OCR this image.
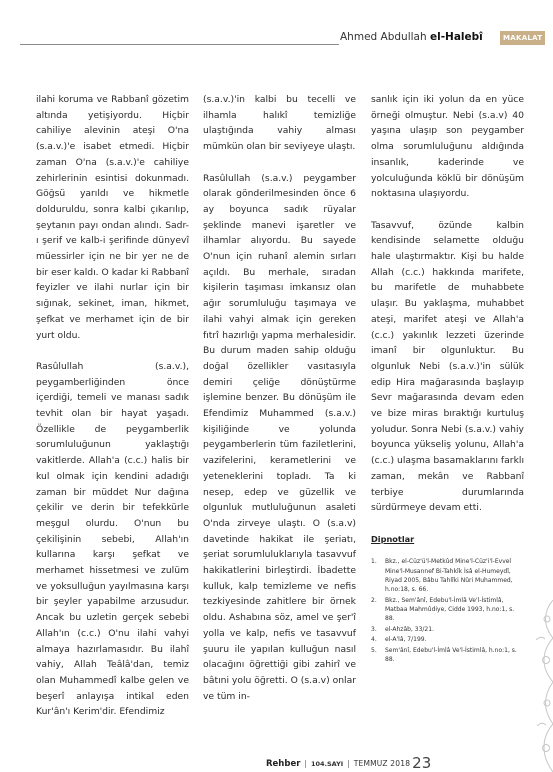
Ahmed Abdullah el-Halebî	MAKALAT

ilahi koruma ve Rabbanî gözetim altında yetişiyordu. Hiçbir cahiliye alevinin ateşi O'na (s.a.v.)'e isabet etmedi. Hiçbir zaman O'na (s.a.v.)'e cahiliye zehirlerinin esintisi dokunmadı. Göğsü yarıldı ve hikmetle dolduruldu, sonra kalbi çıkarılıp, şeytanın payı ondan alındı. Sadr-ı şerif ve kalb-i şerifinde dünyevî müessirler için ne bir yer ne de bir eser kaldı. O kadar ki Rabbanî feyizler ve ilahi nurlar için bir sığınak, sekinet, iman, hikmet, şefkat ve merhamet için de bir yurt oldu.

Rasûlullah (s.a.v.), peygamberliğinden önce içerdiği, temeli ve manası sadık tevhit olan bir hayat yaşadı. Özellikle de peygamberlik sorumluluğunun yaklaştığı vakitlerde. Allah'a (c.c.) halis bir kul olmak için kendini adadığı zaman bir müddet Nur dağına çekilir ve derin bir tefekkürle meşgul olurdu. O'nun bu çekilişinin sebebi, Allah'ın kullarına karşı şefkat ve merhamet hissetmesi ve zulüm ve yoksulluğun yayılmasına karşı bir şeyler yapabilme arzusudur. Ancak bu uzletin gerçek sebebi Allah'ın (c.c.) O'nu ilahi vahyi almaya hazırlamasıdır. Bu ilahî vahiy, Allah Teâlâ'dan, temiz olan Muhammedî kalbe gelen ve beşerî anlayışa intikal eden Kur'ân'ı Kerim'dir. Efendimiz

(s.a.v.)'in kalbi bu tecelli ve ilhamla halıkî temizliğe ulaştığında vahiy alması mümkün olan bir seviyeye ulaştı.

Rasûlullah (s.a.v.) peygamber olarak gönderilmesinden önce 6 ay boyunca sadık rüyalar şeklinde manevi işaretler ve ilhamlar alıyordu. Bu sayede O'nun için ruhanî alemin sırları açıldı. Bu merhale, sıradan kişilerin taşıması imkansız olan ağır sorumluluğu taşımaya ve ilahi vahyi almak için gereken fıtrî hazırlığı yapma merhalesidir. Bu durum maden sahip olduğu doğal özellikler vasıtasıyla demiri çeliğe dönüştürme işlemine benzer. Bu dönüşüm ile Efendimiz Muhammed (s.a.v.) kişiliğinde ve yolunda peygamberlerin tüm faziletlerini, vazifelerini, kerametlerini ve yeteneklerini topladı. Ta ki nesep, edep ve güzellik ve olgunluk mutluluğunun asaleti O'nda zirveye ulaştı. O (s.a.v) davetinde hakikat ile şeriatı, şeriat sorumluluklarıyla tasavvuf hakikatlerini birleştirdi. İbadette kulluk, kalp temizleme ve nefis tezkiyesinde zahitlere bir örnek oldu. Ashabına söz, amel ve şer'î yolla ve kalp, nefis ve tasavvuf şuuru ile yapılan kulluğun nasıl olacağını öğrettiği gibi zahirî ve bâtıni yolu öğretti. O (s.a.v) onlar ve tüm in-

sanlık için iki yolun da en yüce örneği olmuştur. Nebi (s.a.v) 40 yaşına ulaşıp son peygamber olma sorumluluğunu aldığında insanlık, kaderinde ve yolculuğunda köklü bir dönüşüm noktasına ulaşıyordu.

Tasavvuf, özünde kalbin kendisinde selamette olduğu hale ulaştırmaktır. Kişi bu halde Allah (c.c.) hakkında marifete, bu marifetle de muhabbete ulaşır. Bu yaklaşma, muhabbet ateşi, marifet ateşi ve Allah'a (c.c.) yakınlık lezzeti üzerinde imanî bir olgunluktur. Bu olgunluk Nebi (s.a.v.)'in sülük edip Hira mağarasında başlayıp Sevr mağarasında devam eden ve bize miras bıraktığı kurtuluş yoludur. Sonra Nebi (s.a.v.) vahiy boyunca yükseliş yolunu, Allah'a (c.c.) ulaşma basamaklarını farklı zaman, mekân ve Rabbanî terbiye durumlarında sürdürmeye devam etti.

Dipnotlar
1. Bkz., el-Cüz'ü'l-Metkûd Mine'l-Cüz'i'l-Evvel Mine'l-Musannef Bi-Tahkîk İsâ el-Humeydî, Riyad 2005, Bâbu Tahlîki Nûri Muhammed, h.no:18, s. 66.
2. Bkz., Sem'ânî, Edebu'l-İmlâ Ve'l-İstimlâ, Matbaa Mahmûdiye, Cidde 1993, h.no:1, s. 88.
3. el-Ahzâb, 33/21.
4. el-A'lâ, 7/199.
5. Sem'ânî, Edebu'l-İmlâ Ve'l-İstimlâ, h.no:1, s. 88.
Rehber | 104.SAYI | TEMMUZ 2018 23
